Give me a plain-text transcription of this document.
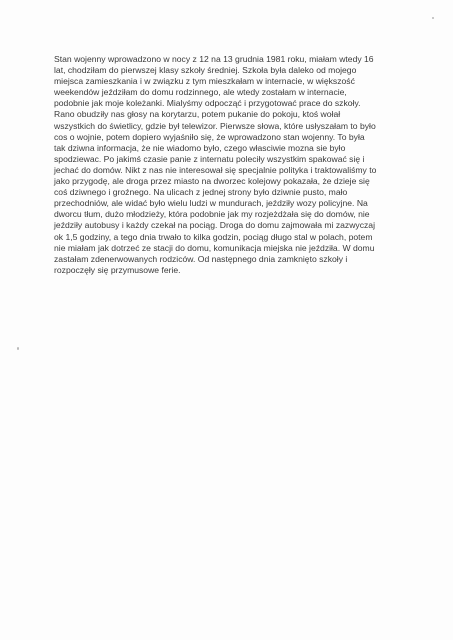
Stan wojenny wprowadzono w nocy z 12 na 13 grudnia 1981 roku, miałam wtedy 16
lat, chodziłam do pierwszej klasy szkoły średniej. Szkoła była daleko od mojego
miejsca zamieszkania i w związku z tym mieszkałam w internacie, w większość
weekendów jeździłam do domu rodzinnego, ale wtedy zostałam w internacie,
podobnie jak moje koleżanki. Mialyśmy odpocząć i przygotować prace do szkoły.
Rano obudziły nas głosy na korytarzu, potem pukanie do pokoju, ktoś wołał
wszystkich do świetlicy, gdzie był telewizor. Pierwsze słowa, które usłyszałam to było
cos o wojnie, potem dopiero wyjaśniło się, że wprowadzono stan wojenny. To była
tak dziwna informacja, że nie wiadomo było, czego własciwie mozna sie było
spodziewac. Po jakimś czasie panie z internatu poleciły wszystkim spakować się i
jechać do domów. Nikt z nas nie interesował się specjalnie polityka i traktowaliśmy to
jako przygodę, ale droga przez miasto na dworzec kolejowy pokazała, że dzieje się
coś dziwnego i groźnego. Na ulicach z jednej strony było dziwnie pusto, mało
przechodniów, ale widać było wielu ludzi w mundurach, jeździły wozy policyjne. Na
dworcu tłum, dużo młodzieży, która podobnie jak my rozjeżdżała się do domów, nie
jeździły autobusy i każdy czekał na pociąg. Droga do domu zajmowała mi zazwyczaj
ok 1,5 godziny, a tego dnia trwało to kilka godzin, pociąg długo stal w polach, potem
nie miałam jak dotrzeć ze stacji do domu, komunikacja miejska nie jeździła. W domu
zastałam zdenerwowanych rodziców. Od następnego dnia zamknięto szkoły i
rozpoczęły się przymusowe ferie.
